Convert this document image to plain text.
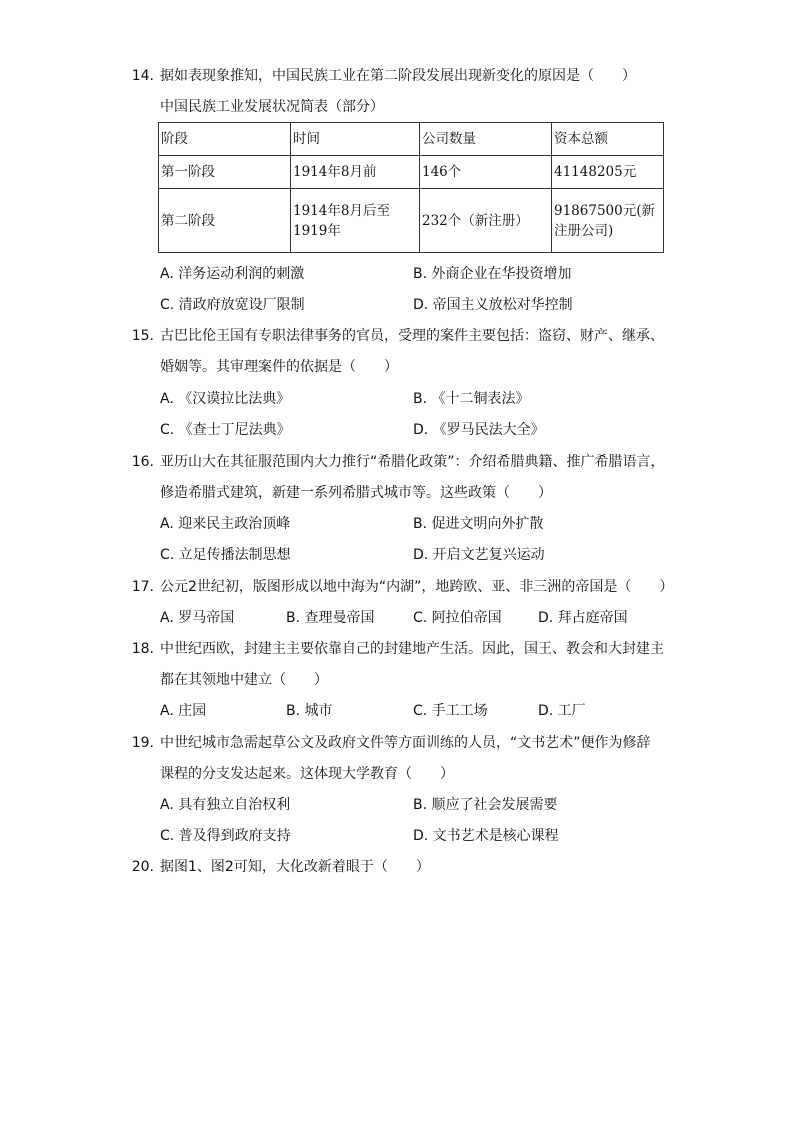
14. 据如表现象推知，中国民族工业在第二阶段发展出现新变化的原因是（　　）
中国民族工业发展状况简表（部分）
阶段	时间	公司数量	资本总额
第一阶段	1914年8月前	146个	41148205元
第二阶段	1914年8月后至1919年	232个（新注册）	91867500元(新注册公司)
A. 洋务运动利润的刺激	B. 外商企业在华投资增加
C. 清政府放宽设厂限制	D. 帝国主义放松对华控制
15. 古巴比伦王国有专职法律事务的官员，受理的案件主要包括：盗窃、财产、继承、
婚姻等。其审理案件的依据是（　　）
A. 《汉谟拉比法典》	B. 《十二铜表法》
C. 《查士丁尼法典》	D. 《罗马民法大全》
16. 亚历山大在其征服范围内大力推行“希腊化政策”：介绍希腊典籍、推广希腊语言，
修造希腊式建筑，新建一系列希腊式城市等。这些政策（　　）
A. 迎来民主政治顶峰	B. 促进文明向外扩散
C. 立足传播法制思想	D. 开启文艺复兴运动
17. 公元2世纪初，版图形成以地中海为“内湖”，地跨欧、亚、非三洲的帝国是（　　）
A. 罗马帝国	B. 查理曼帝国	C. 阿拉伯帝国	D. 拜占庭帝国
18. 中世纪西欧，封建主主要依靠自己的封建地产生活。因此，国王、教会和大封建主
都在其领地中建立（　　）
A. 庄园	B. 城市	C. 手工工场	D. 工厂
19. 中世纪城市急需起草公文及政府文件等方面训练的人员，“文书艺术”便作为修辞
课程的分支发达起来。这体现大学教育（　　）
A. 具有独立自治权利	B. 顺应了社会发展需要
C. 普及得到政府支持	D. 文书艺术是核心课程
20. 据图1、图2可知，大化改新着眼于（　　）
